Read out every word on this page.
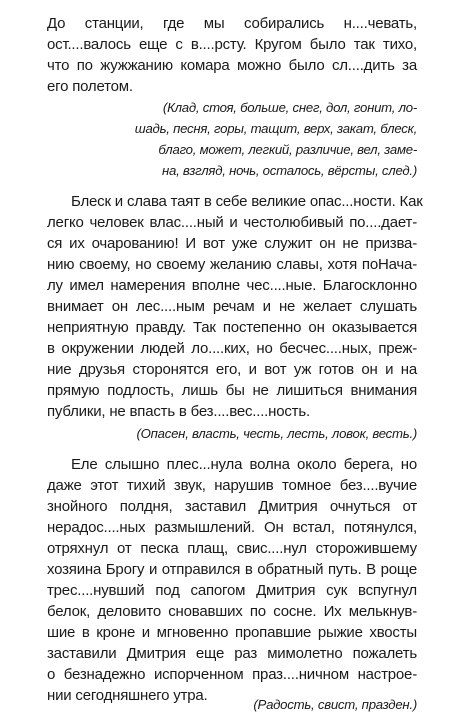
До станции, где мы собирались н....чевать,
ост....валось еще с в....рсту. Кругом было так тихо,
что по жужжанию комара можно было сл....дить за
его полетом.
(Клад, стоя, больше, снег, дол, гонит, ло-
шадь, песня, горы, тащит, верх, закат, блеск,
благо, может, легкий, различие, вел, заме-
на, взгляд, ночь, осталось, вёрсты, след.)
Блеск и слава таят в себе великие опас...ности. Как
легко человек влас....ный и честолюбивый по....дает-
ся их очарованию! И вот уже служит он не призва-
нию своему, но своему желанию славы, хотя поНача-
лу имел намерения вполне чес....ные. Благосклонно
внимает он лес....ным речам и не желает слушать
неприятную правду. Так постепенно он оказывается
в окружении людей ло....ких, но бесчес....ных, преж-
ние друзья сторонятся его, и вот уж готов он и на
прямую подлость, лишь бы не лишиться внимания
публики, не впасть в без....вес....ность.
(Опасен, власть, честь, лесть, ловок, весть.)
Еле слышно плес...нула волна около берега, но
даже этот тихий звук, нарушив томное без....вучие
знойного полдня, заставил Дмитрия очнуться от
нерадос....ных размышлений. Он встал, потянулся,
отряхнул от песка плащ, свис....нул сторожившему
хозяина Брогу и отправился в обратный путь. В роще
трес....нувший под сапогом Дмитрия сук вспугнул
белок, деловито сновавших по сосне. Их мелькнув-
шие в кроне и мгновенно пропавшие рыжие хвосты
заставили Дмитрия еще раз мимолетно пожалеть
о безнадежно испорченном праз....ничном настрое-
нии сегодняшнего утра.
(Радость, свист, празден.)
